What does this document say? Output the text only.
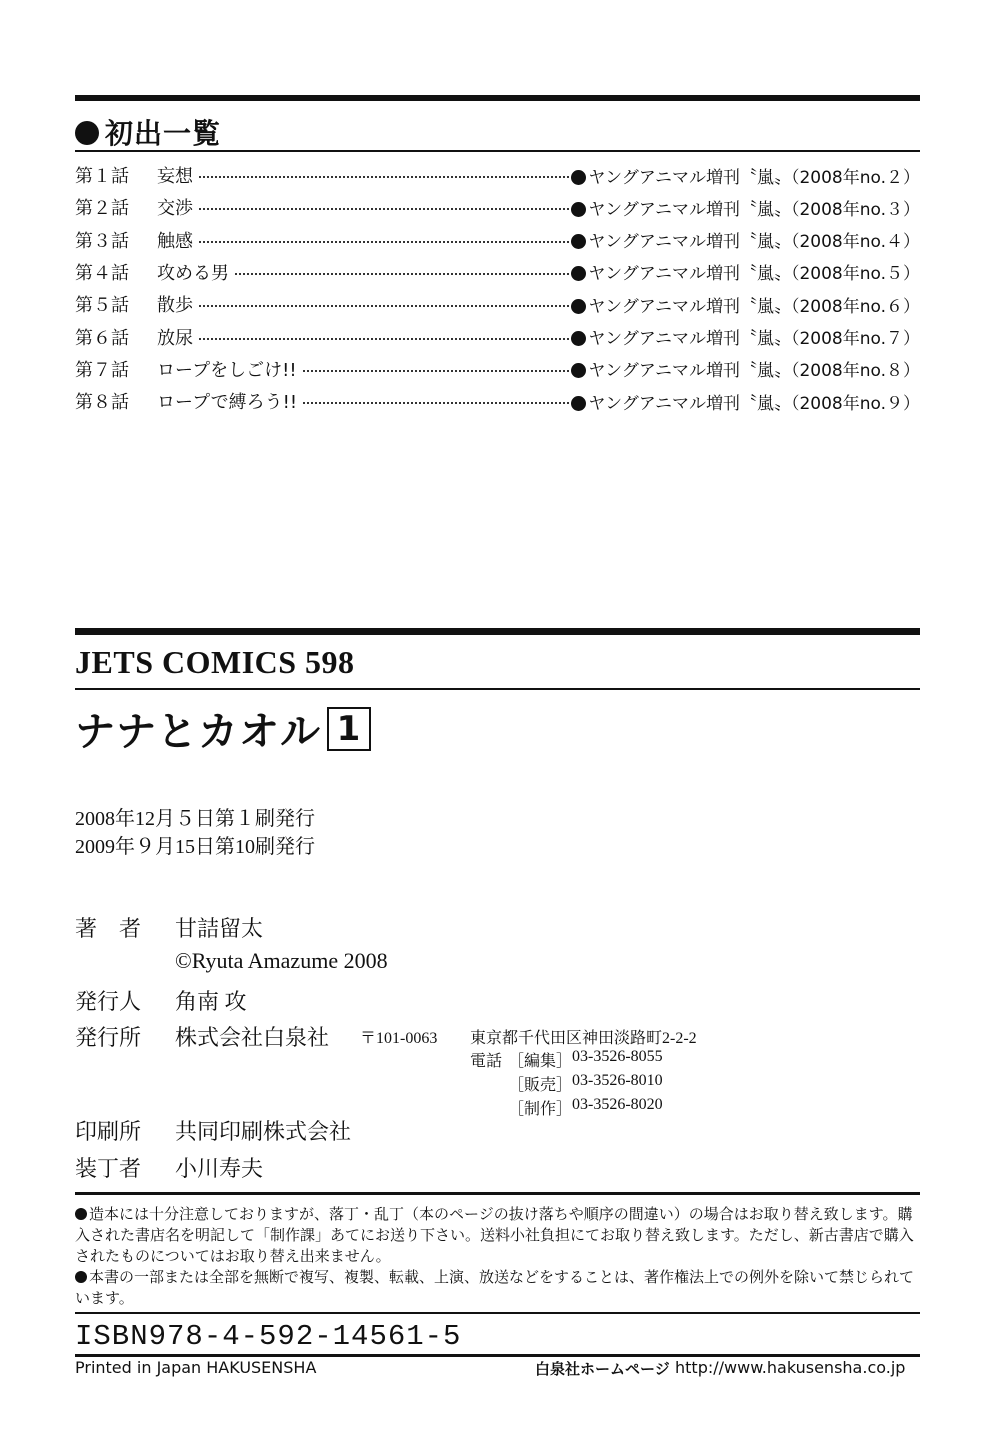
初出一覧
第１話	妄想	ヤングアニマル増刊〝嵐〟（2008年no.２）
第２話	交渉	ヤングアニマル増刊〝嵐〟（2008年no.３）
第３話	触感	ヤングアニマル増刊〝嵐〟（2008年no.４）
第４話	攻める男	ヤングアニマル増刊〝嵐〟（2008年no.５）
第５話	散歩	ヤングアニマル増刊〝嵐〟（2008年no.６）
第６話	放尿	ヤングアニマル増刊〝嵐〟（2008年no.７）
第７話	ロープをしごけ!!	ヤングアニマル増刊〝嵐〟（2008年no.８）
第８話	ロープで縛ろう!!	ヤングアニマル増刊〝嵐〟（2008年no.９）
JETS COMICS 598
ナナとカオル 1
2008年12月５日第１刷発行
2009年９月15日第10刷発行
著　者 甘詰留太
©Ryuta Amazume 2008
発行人 角南 攻
発行所 株式会社白泉社 〒101-0063 東京都千代田区神田淡路町2-2-2
電話 ［編集］ 03-3526-8055
［販売］ 03-3526-8010
［制作］ 03-3526-8020
印刷所 共同印刷株式会社
装丁者 小川寿夫
造本には十分注意しておりますが、落丁・乱丁（本のページの抜け落ちや順序の間違い）の場合はお取り替え致します。購入された書店名を明記して「制作課」あてにお送り下さい。送料小社負担にてお取り替え致します。ただし、新古書店で購入されたものについてはお取り替え出来ません。
本書の一部または全部を無断で複写、複製、転載、上演、放送などをすることは、著作権法上での例外を除いて禁じられています。
ISBN978-4-592-14561-5
Printed in Japan HAKUSENSHA	白泉社ホームページ http://www.hakusensha.co.jp
